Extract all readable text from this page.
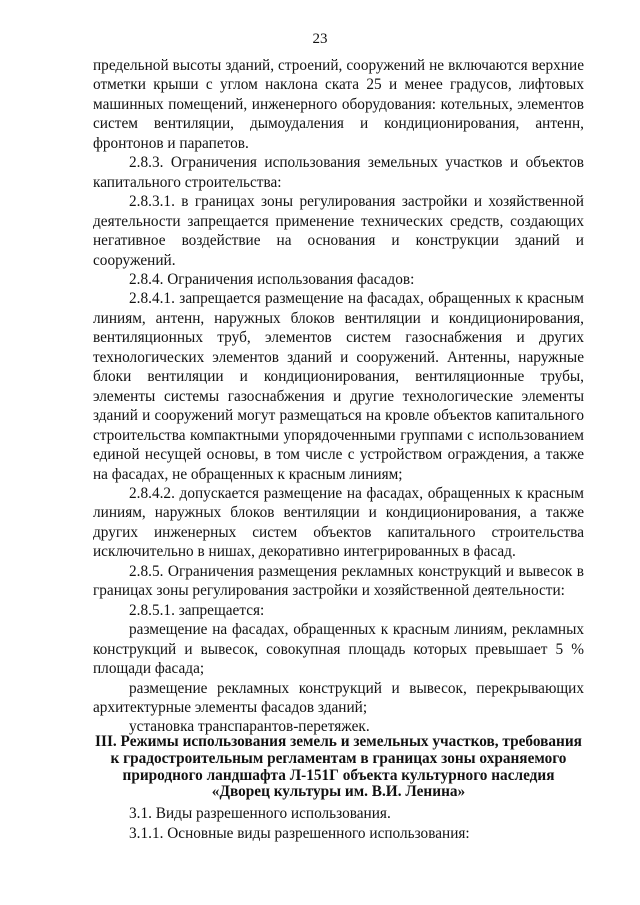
23

предельной высоты зданий, строений, сооружений не включаются верхние отметки крыши с углом наклона ската 25 и менее градусов, лифтовых машинных помещений, инженерного оборудования: котельных, элементов систем вентиляции, дымоудаления и кондиционирования, антенн, фронтонов и парапетов.

2.8.3. Ограничения использования земельных участков и объектов капитального строительства:

2.8.3.1. в границах зоны регулирования застройки и хозяйственной деятельности запрещается применение технических средств, создающих негативное воздействие на основания и конструкции зданий и сооружений.

2.8.4. Ограничения использования фасадов:

2.8.4.1. запрещается размещение на фасадах, обращенных к красным линиям, антенн, наружных блоков вентиляции и кондиционирования, вентиляционных труб, элементов систем газоснабжения и других технологических элементов зданий и сооружений. Антенны, наружные блоки вентиляции и кондиционирования, вентиляционные трубы, элементы системы газоснабжения и другие технологические элементы зданий и сооружений могут размещаться на кровле объектов капитального строительства компактными упорядоченными группами с использованием единой несущей основы, в том числе с устройством ограждения, а также на фасадах, не обращенных к красным линиям;

2.8.4.2. допускается размещение на фасадах, обращенных к красным линиям, наружных блоков вентиляции и кондиционирования, а также других инженерных систем объектов капитального строительства исключительно в нишах, декоративно интегрированных в фасад.

2.8.5. Ограничения размещения рекламных конструкций и вывесок в границах зоны регулирования застройки и хозяйственной деятельности:

2.8.5.1. запрещается:

размещение на фасадах, обращенных к красным линиям, рекламных конструкций и вывесок, совокупная площадь которых превышает 5 % площади фасада;

размещение рекламных конструкций и вывесок, перекрывающих архитектурные элементы фасадов зданий;

установка транспарантов-перетяжек.

III. Режимы использования земель и земельных участков, требования
к градостроительным регламентам в границах зоны охраняемого
природного ландшафта Л-151Г объекта культурного наследия
«Дворец культуры им. В.И. Ленина»

3.1. Виды разрешенного использования.

3.1.1. Основные виды разрешенного использования:
